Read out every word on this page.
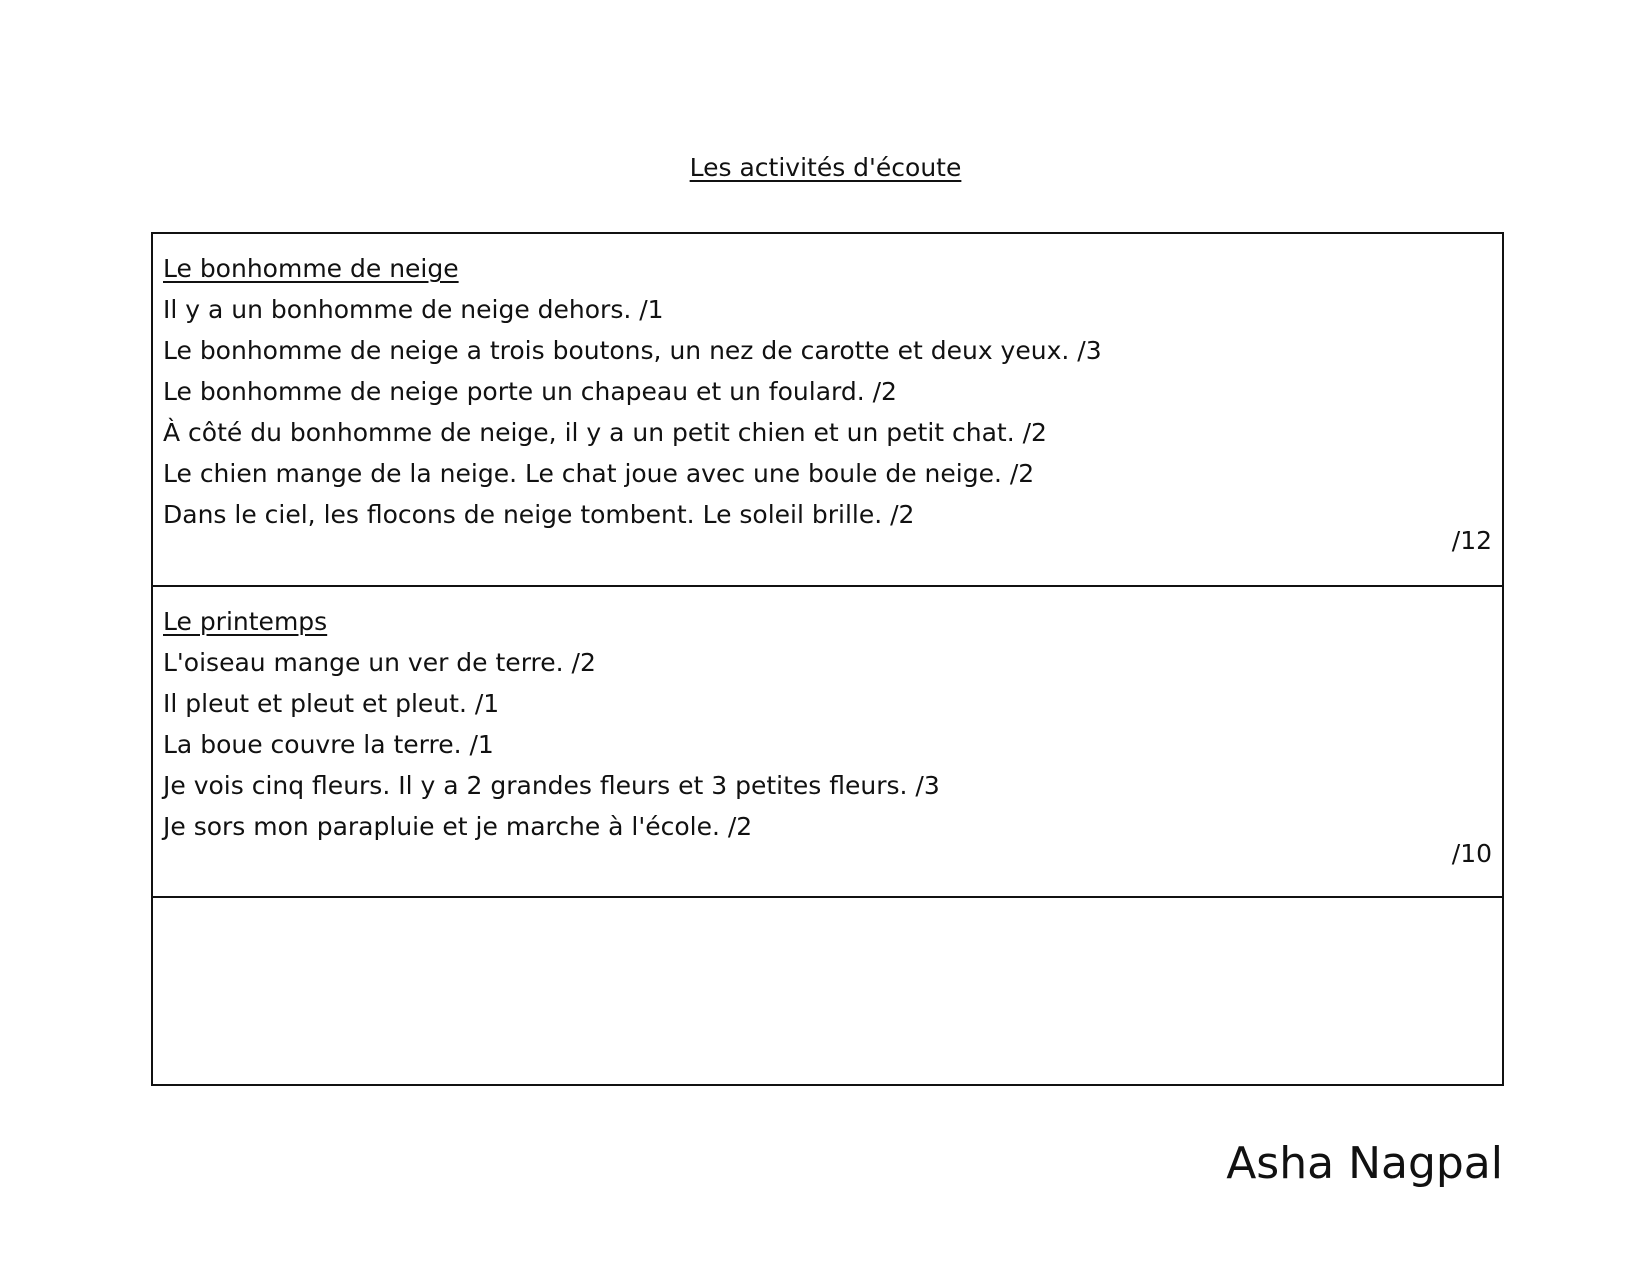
Les activités d'écoute

Le bonhomme de neige

Il y a un bonhomme de neige dehors. /1

Le bonhomme de neige a trois boutons, un nez de carotte et deux yeux. /3

Le bonhomme de neige porte un chapeau et un foulard. /2

À côté du bonhomme de neige, il y a un petit chien et un petit chat. /2

Le chien mange de la neige. Le chat joue avec une boule de neige. /2

Dans le ciel, les flocons de neige tombent. Le soleil brille. /2

/12

Le printemps

L'oiseau mange un ver de terre. /2

Il pleut et pleut et pleut. /1

La boue couvre la terre. /1

Je vois cinq fleurs. Il y a 2 grandes fleurs et 3 petites fleurs. /3

Je sors mon parapluie et je marche à l'école. /2

/10

Asha Nagpal
